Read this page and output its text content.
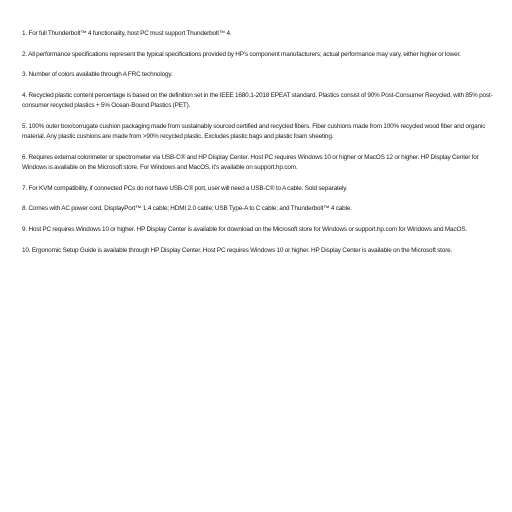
1. For full Thunderbolt™ 4 functionality, host PC must support Thunderbolt™ 4.

2. All performance specifications represent the typical specifications provided by HP's component manufacturers; actual performance may vary, either higher or lower.

3. Number of colors available through A FRC technology.

4. Recycled plastic content percentage is based on the definition set in the IEEE 1680.1-2018 EPEAT standard. Plastics consist of 90% Post-Consumer Recycled, with 85% post-consumer recycled plastics + 5% Ocean-Bound Plastics (PET).

5. 100% outer box/corrugate cushion packaging made from sustainably sourced certified and recycled fibers. Fiber cushions made from 100% recycled wood fiber and organic material. Any plastic cushions are made from >90% recycled plastic. Excludes plastic bags and plastic foam sheeting.

6. Requires external colorimeter or spectrometer via USB-C® and HP Display Center. Host PC requires Windows 10 or higher or MacOS 12 or higher. HP Display Center for Windows is available on the Microsoft store. For Windows and MacOS, it's available on support.hp.com.

7. For KVM compatibility, if connected PCs do not have USB-C® port, user will need a USB-C® to A cable. Sold separately.

8. Comes with AC power cord, DisplayPort™ 1.4 cable; HDMI 2.0 cable; USB Type-A to C cable; and Thunderbolt™ 4 cable.

9. Host PC requires Windows 10 or higher. HP Display Center is available for download on the Microsoft store for Windows or support.hp.com for Windows and MacOS.

10. Ergonomic Setup Guide is available through HP Display Center. Host PC requires Windows 10 or higher. HP Display Center is available on the Microsoft store.
